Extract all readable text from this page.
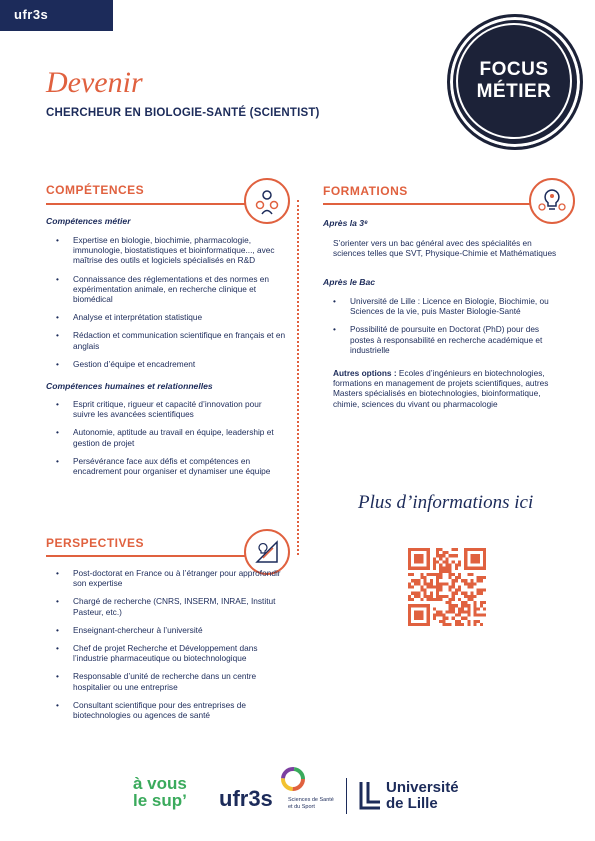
ufr3s
FOCUS
MÉTIER
Devenir
CHERCHEUR EN BIOLOGIE-SANTÉ (SCIENTIST)
COMPÉTENCES
Compétences métier
• Expertise en biologie, biochimie, pharmacologie, immunologie, biostatistiques et bioinformatique..., avec maîtrise des outils et logiciels spécialisés en R&D
• Connaissance des réglementations et des normes en expérimentation animale, en recherche clinique et biomédical
• Analyse et interprétation statistique
• Rédaction et communication scientifique en français et en anglais
• Gestion d’équipe et encadrement
Compétences humaines et relationnelles
• Esprit critique, rigueur et capacité d’innovation pour suivre les avancées scientifiques
• Autonomie, aptitude au travail en équipe, leadership et gestion de projet
• Persévérance face aux défis et compétences en encadrement pour organiser et dynamiser une équipe
FORMATIONS
Après la 3ᵉ
S’orienter vers un bac général avec des spécialités en sciences telles que SVT, Physique-Chimie et Mathématiques
Après le Bac
• Université de Lille : Licence en Biologie, Biochimie, ou Sciences de la vie, puis Master Biologie-Santé
• Possibilité de poursuite en Doctorat (PhD) pour des postes à responsabilité en recherche académique et industrielle
Autres options : Ecoles d’ingénieurs en biotechnologies, formations en management de projets scientifiques, autres Masters spécialisés en biotechnologies, bioinformatique, chimie, sciences du vivant ou pharmacologie
Plus d’informations ici
PERSPECTIVES
• Post-doctorat en France ou à l’étranger pour approfondir son expertise
• Chargé de recherche (CNRS, INSERM, INRAE, Institut Pasteur, etc.)
• Enseignant-chercheur à l’université
• Chef de projet Recherche et Développement dans l’industrie pharmaceutique ou biotechnologique
• Responsable d’unité de recherche dans un centre hospitalier ou une entreprise
• Consultant scientifique pour des entreprises de biotechnologies ou agences de santé
à vous
le sup’ ufr3s	Sciences de Santé
et du Sport
Université
de Lille
